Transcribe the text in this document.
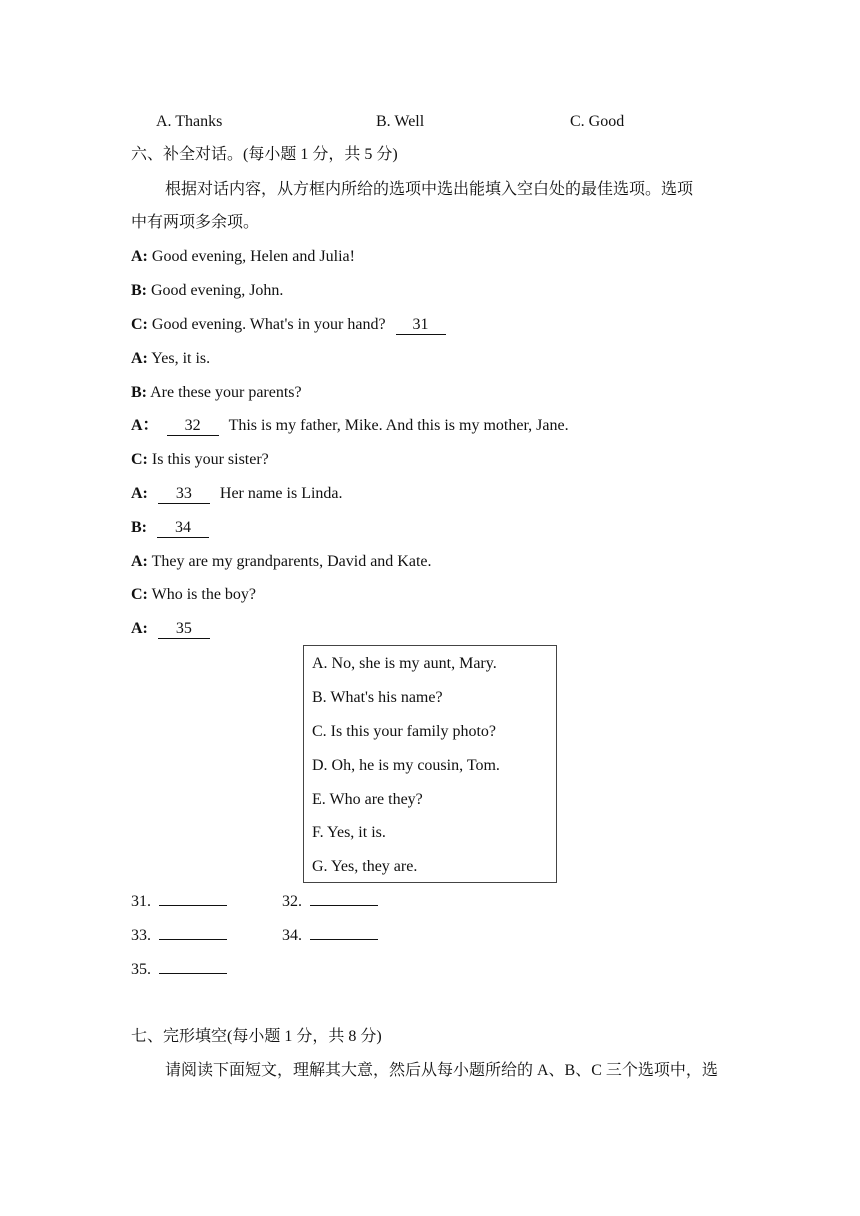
A. Thanks	B. Well	C. Good
六、补全对话。(每小题 1 分，共 5 分)
根据对话内容，从方框内所给的选项中选出能填入空白处的最佳选项。选项
中有两项多余项。
A: Good evening, Helen and Julia!
B: Good evening, John.
C: Good evening. What's in your hand? 31
A: Yes, it is.
B: Are these your parents?
A： 32 This is my father, Mike. And this is my mother, Jane.
C: Is this your sister?
A: 33 Her name is Linda.
B: 34
A: They are my grandparents, David and Kate.
C: Who is the boy?
A: 35
A. No, she is my aunt, Mary.
B. What's his name?
C. Is this your family photo?
D. Oh, he is my cousin, Tom.
E. Who are they?
F. Yes, it is.
G. Yes, they are.
31.	32.
33.	34.
35.
七、完形填空(每小题 1 分，共 8 分)
请阅读下面短文，理解其大意，然后从每小题所给的 A、B、C 三个选项中，选
